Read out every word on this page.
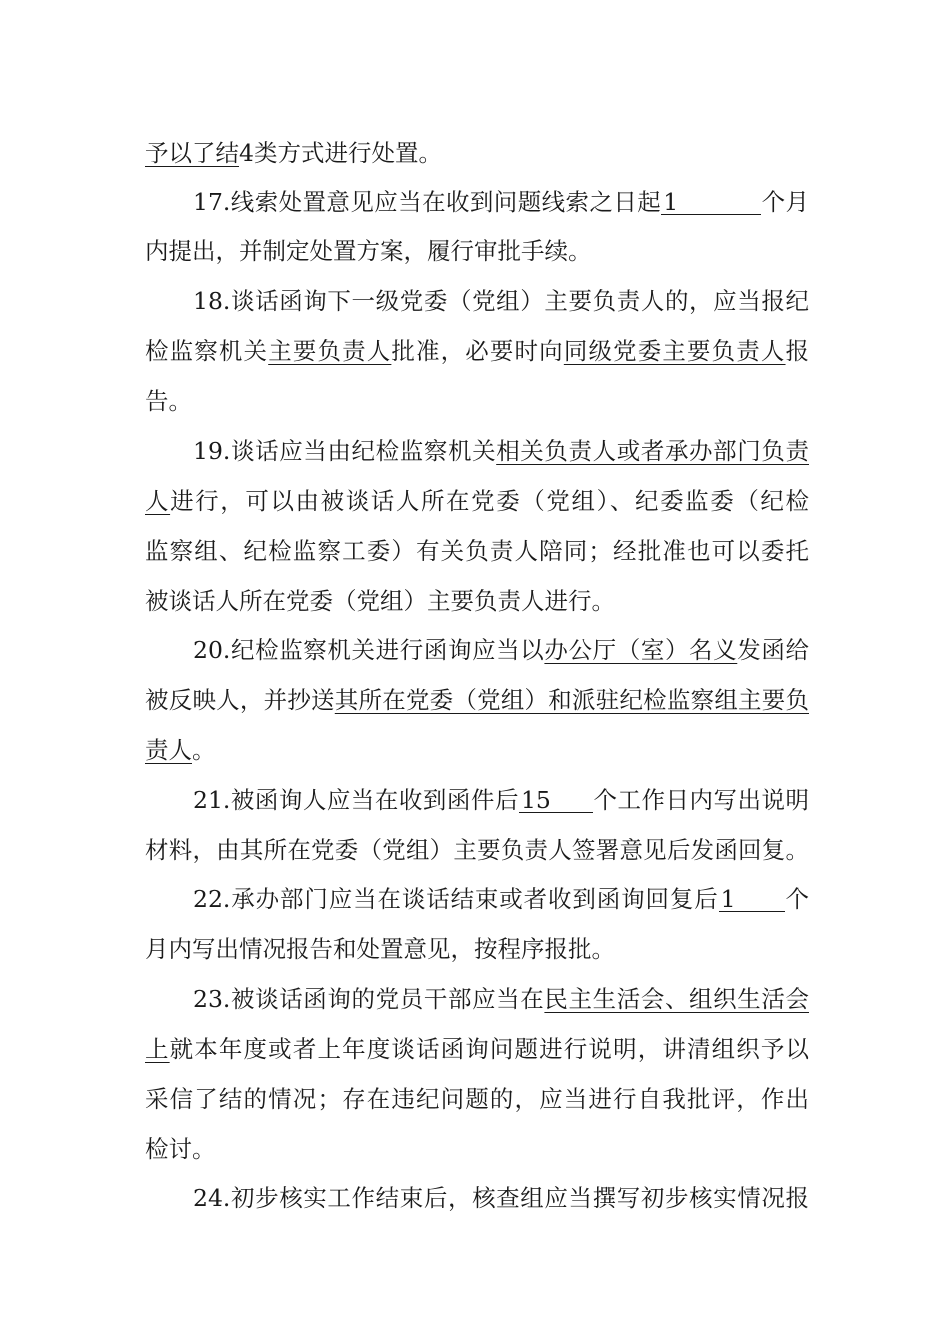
予以了结4类方式进行处置。
17.线索处置意见应当在收到问题线索之日起1	个月
内提出，并制定处置方案，履行审批手续。
18.谈话函询下一级党委（党组）主要负责人的，应当报纪
检监察机关主要负责人批准，必要时向同级党委主要负责人报
告。
19.谈话应当由纪检监察机关相关负责人或者承办部门负责
人进行，可以由被谈话人所在党委（党组）、纪委监委（纪检
监察组、纪检监察工委）有关负责人陪同；经批准也可以委托
被谈话人所在党委（党组）主要负责人进行。
20.纪检监察机关进行函询应当以办公厅（室）名义发函给
被反映人，并抄送其所在党委（党组）和派驻纪检监察组主要负
责人。
21.被函询人应当在收到函件后15 个工作日内写出说明
材料，由其所在党委（党组）主要负责人签署意见后发函回复。
22.承办部门应当在谈话结束或者收到函询回复后1 个
月内写出情况报告和处置意见，按程序报批。
23.被谈话函询的党员干部应当在民主生活会、组织生活会
上就本年度或者上年度谈话函询问题进行说明，讲清组织予以
采信了结的情况；存在违纪问题的，应当进行自我批评，作出
检讨。
24.初步核实工作结束后，核查组应当撰写初步核实情况报
